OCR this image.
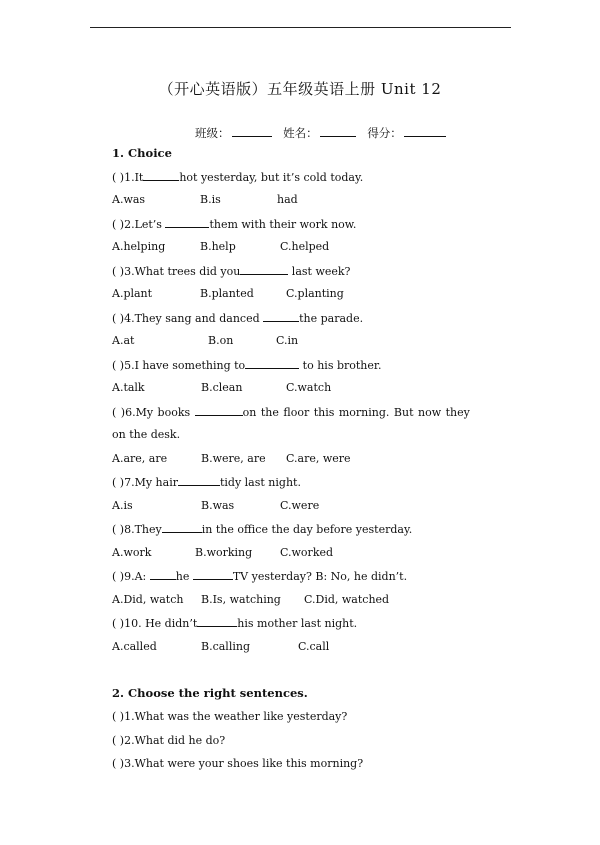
（开心英语版）五年级英语上册 Unit 12
班级：	姓名：	得分：
1. Choice
( )1.It	hot yesterday, but it’s cold today.
A.was	B.is	had
( )2.Let’s	them with their work now.
A.helping	B.help	C.helped
( )3.What trees did you	last week?
A.plant	B.planted	C.planting
( )4.They sang and danced	the parade.
A.at	B.on	C.in
( )5.I have something to	to his brother.
A.talk	B.clean	C.watch
( )6.My books	on the floor this morning. But now they
on the desk.
A.are, are	B.were, are C.are, were
( )7.My hair	tidy last night.
A.is	B.was	C.were
( )8.They	in the office the day before yesterday.
A.work	B.working	C.worked
( )9.A: he	TV yesterday? B: No, he didn’t.
A.Did, watch B.Is, watching C.Did, watched
( )10. He didn’t	his mother last night.
A.called	B.calling	C.call
2. Choose the right sentences.
( )1.What was the weather like yesterday?
( )2.What did he do?
( )3.What were your shoes like this morning?
